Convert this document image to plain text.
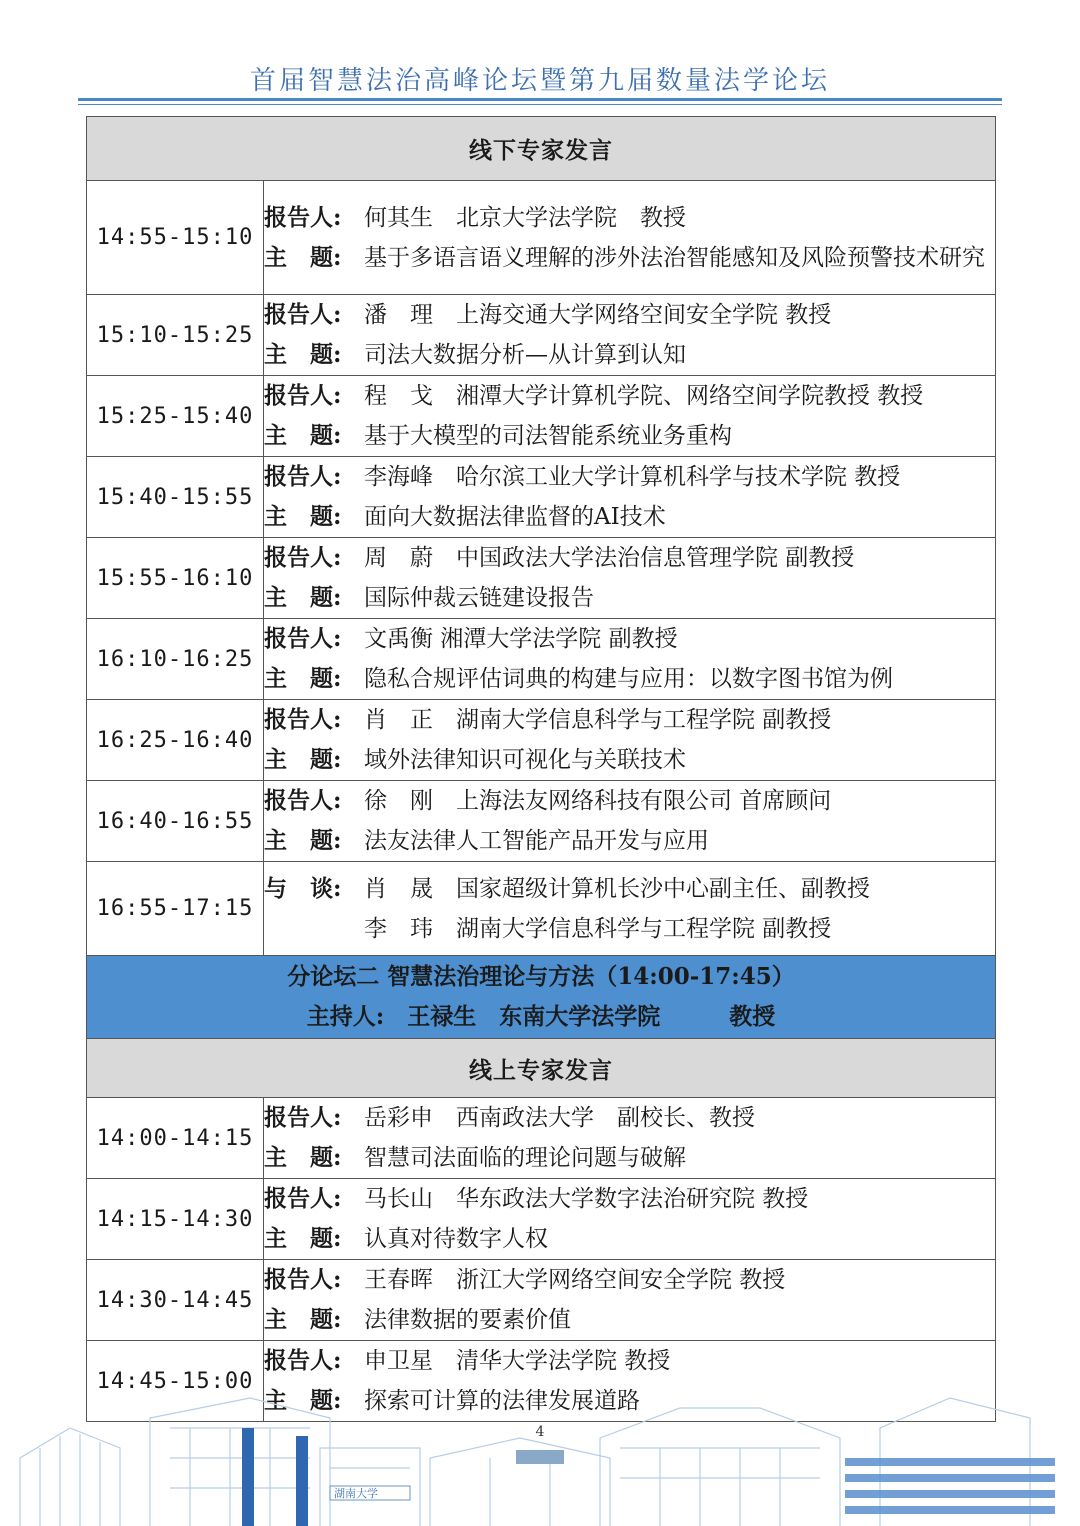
首届智慧法治高峰论坛暨第九届数量法学论坛
线下专家发言	
14:55-15:10	报告人: 何其生　北京大学法学院　教授
主　题: 基于多语言语义理解的涉外法治智能感知及风险预警技术研究

15:10-15:25	报告人: 潘　理　上海交通大学网络空间安全学院 教授
主　题: 司法大数据分析—从计算到认知

15:25-15:40	报告人: 程　戈　湘潭大学计算机学院、网络空间学院教授 教授
主　题: 基于大模型的司法智能系统业务重构

15:40-15:55	报告人: 李海峰　哈尔滨工业大学计算机科学与技术学院 教授
主　题: 面向大数据法律监督的AI技术

15:55-16:10	报告人: 周　蔚　中国政法大学法治信息管理学院 副教授
主　题: 国际仲裁云链建设报告

16:10-16:25	报告人: 文禹衡 湘潭大学法学院 副教授
主　题: 隐私合规评估词典的构建与应用：以数字图书馆为例

16:25-16:40	报告人: 肖　正　湖南大学信息科学与工程学院 副教授
主　题: 域外法律知识可视化与关联技术

16:40-16:55	报告人: 徐　刚　上海法友网络科技有限公司 首席顾问
主　题: 法友法律人工智能产品开发与应用

16:55-17:15	与　谈: 肖　晟　国家超级计算机长沙中心副主任、副教授
李　玮　湖南大学信息科学与工程学院 副教授

分论坛二 智慧法治理论与方法（14:00-17:45）
主持人:　 王禄生　东南大学法学院　　　教授	

线上专家发言	
14:00-14:15	报告人: 岳彩申　西南政法大学　副校长、教授
主　题: 智慧司法面临的理论问题与破解

14:15-14:30	报告人: 马长山　华东政法大学数字法治研究院 教授
主　题: 认真对待数字人权

14:30-14:45	报告人: 王春晖　浙江大学网络空间安全学院 教授
主　题: 法律数据的要素价值

14:45-15:00	报告人: 申卫星　清华大学法学院 教授
主　题: 探索可计算的法律发展道路
湖南大学
4
